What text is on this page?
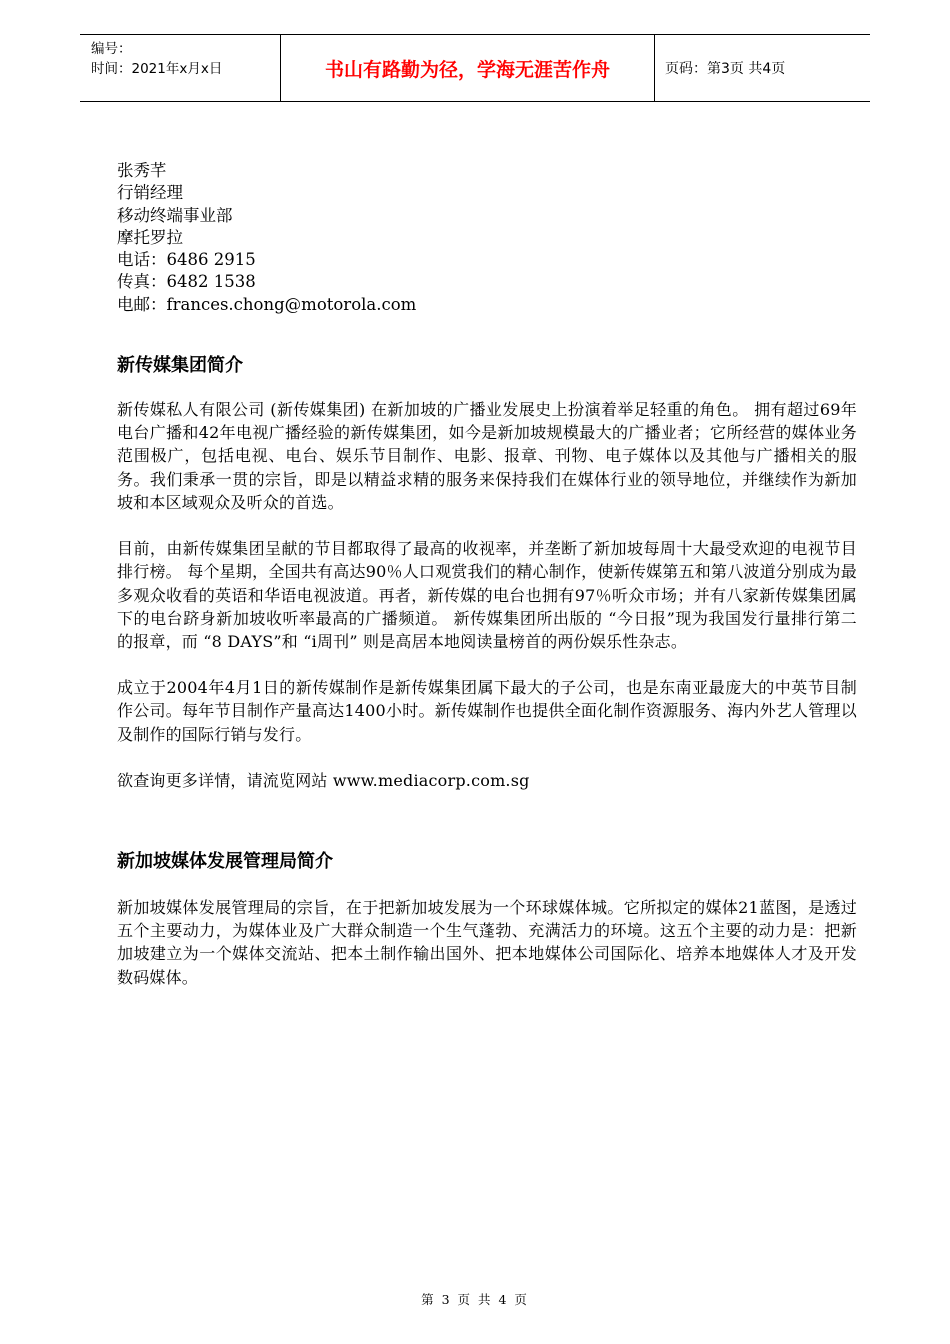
编号：
时间：2021年x月x日	书山有路勤为径，学海无涯苦作舟	页码：第3页 共4页
张秀芊
行销经理
移动终端事业部
摩托罗拉
电话：6486 2915
传真：6482 1538
电邮：frances.chong@motorola.com
新传媒集团简介
新传媒私人有限公司 (新传媒集团) 在新加坡的广播业发展史上扮演着举足轻重的角色。 拥有超过69年电台广播和42年电视广播经验的新传媒集团，如今是新加坡规模最大的广播业者；它所经营的媒体业务范围极广，包括电视、电台、娱乐节目制作、电影、报章、刊物、电子媒体以及其他与广播相关的服务。我们秉承一贯的宗旨，即是以精益求精的服务来保持我们在媒体行业的领导地位，并继续作为新加坡和本区域观众及听众的首选。
目前，由新传媒集团呈献的节目都取得了最高的收视率，并垄断了新加坡每周十大最受欢迎的电视节目排行榜。 每个星期，全国共有高达90％人口观赏我们的精心制作，使新传媒第五和第八波道分别成为最多观众收看的英语和华语电视波道。再者，新传媒的电台也拥有97％听众市场；并有八家新传媒集团属下的电台跻身新加坡收听率最高的广播频道。 新传媒集团所出版的 “今日报”现为我国发行量排行第二的报章，而 “8 DAYS”和 “i周刊” 则是高居本地阅读量榜首的两份娱乐性杂志。
成立于2004年4月1日的新传媒制作是新传媒集团属下最大的子公司，也是东南亚最庞大的中英节目制作公司。每年节目制作产量高达1400小时。新传媒制作也提供全面化制作资源服务、海内外艺人管理以及制作的国际行销与发行。
欲查询更多详情，请流览网站 www.mediacorp.com.sg
新加坡媒体发展管理局简介
新加坡媒体发展管理局的宗旨，在于把新加坡发展为一个环球媒体城。它所拟定的媒体21蓝图，是透过五个主要动力，为媒体业及广大群众制造一个生气蓬勃、充满活力的环境。这五个主要的动力是：把新加坡建立为一个媒体交流站、把本土制作输出国外、把本地媒体公司国际化、培养本地媒体人才及开发数码媒体。
第 3 页 共 4 页
